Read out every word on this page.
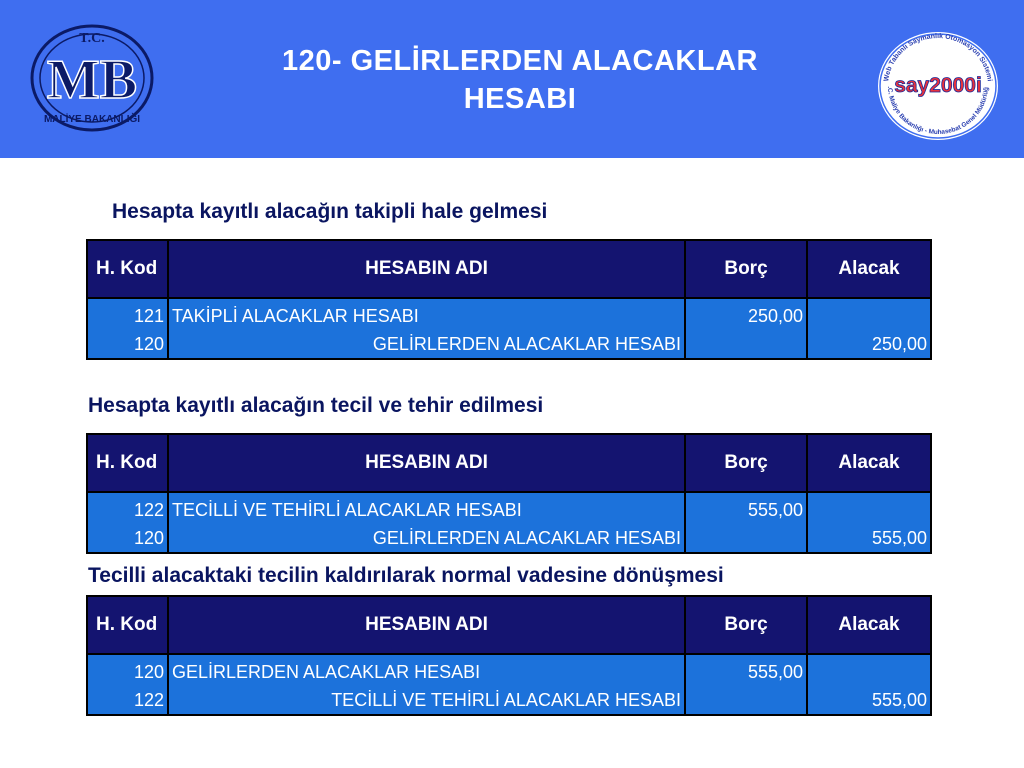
T.C.
MB
MALİYE BAKANLIĞI
120- GELİRLERDEN ALACAKLAR
HESABI
Web Tabanlı Saymanlık Otomasyon Sistemi
.C. Maliye Bakanlığı - Muhasebat Genel Müdürlüğ
say2000i
Hesapta kayıtlı alacağın takipli hale gelmesi
H. Kod	HESABIN ADI	Borç	Alacak
121	TAKİPLİ ALACAKLAR HESABI	250,00	
120	GELİRLERDEN ALACAKLAR HESABI		250,00
Hesapta kayıtlı alacağın tecil ve tehir edilmesi
H. Kod	HESABIN ADI	Borç	Alacak
122	TECİLLİ VE TEHİRLİ ALACAKLAR HESABI	555,00	
120	GELİRLERDEN ALACAKLAR HESABI		555,00
Tecilli alacaktaki tecilin kaldırılarak normal vadesine dönüşmesi
H. Kod	HESABIN ADI	Borç	Alacak
120	GELİRLERDEN ALACAKLAR HESABI	555,00	
122	TECİLLİ VE TEHİRLİ ALACAKLAR HESABI		555,00
